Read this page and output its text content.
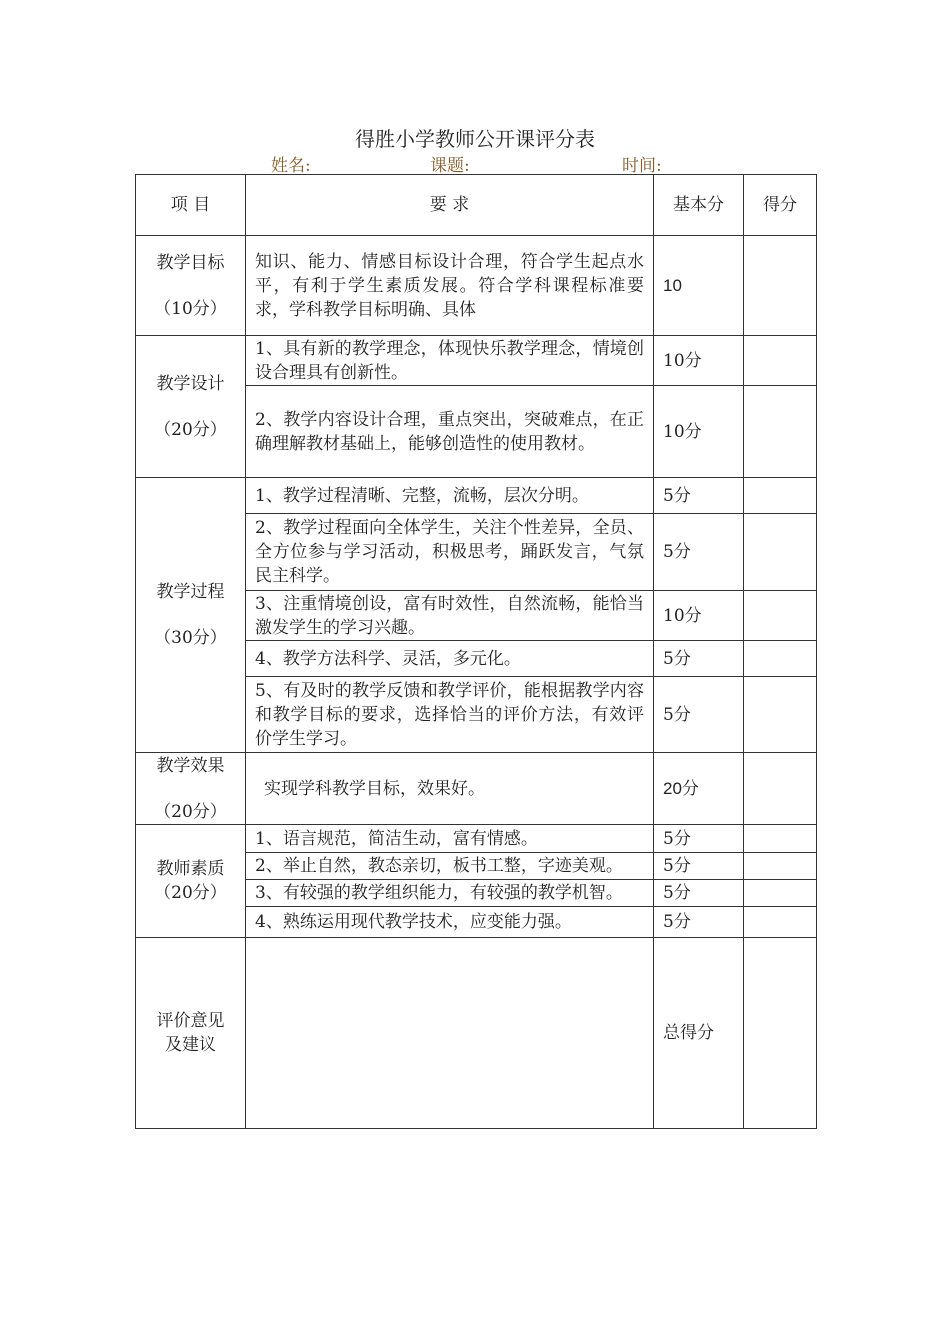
得胜小学教师公开课评分表
姓名:	课题:	时间:
项 目	要 求	基本分	得分

教学目标
（10分）	知识、能力、情感目标设计合理，符合学生起点水平，有利于学生素质发展。符合学科课程标准要求，学科教学目标明确、具体	10	

教学设计
（20分）	1、具有新的教学理念，体现快乐教学理念，情境创设合理具有创新性。	10分	
	2、教学内容设计合理，重点突出，突破难点，在正确理解教材基础上，能够创造性的使用教材。	10分	

教学过程
（30分）	1、教学过程清晰、完整，流畅，层次分明。	5分	
	2、教学过程面向全体学生，关注个性差异，全员、全方位参与学习活动，积极思考，踊跃发言，气氛民主科学。	5分	
	3、注重情境创设，富有时效性，自然流畅，能恰当激发学生的学习兴趣。	10分	
	4、教学方法科学、灵活，多元化。	5分	
	5、有及时的教学反馈和教学评价，能根据教学内容和教学目标的要求，选择恰当的评价方法，有效评价学生学习。	5分	

教学效果
（20分）	实现学科教学目标，效果好。	20分	

教师素质
（20分）	1、语言规范，简洁生动，富有情感。	5分	
	2、举止自然，教态亲切，板书工整，字迹美观。	5分	
	3、有较强的教学组织能力，有较强的教学机智。	5分	
	4、熟练运用现代教学技术，应变能力强。	5分	

评价意见
及建议		总得分	
